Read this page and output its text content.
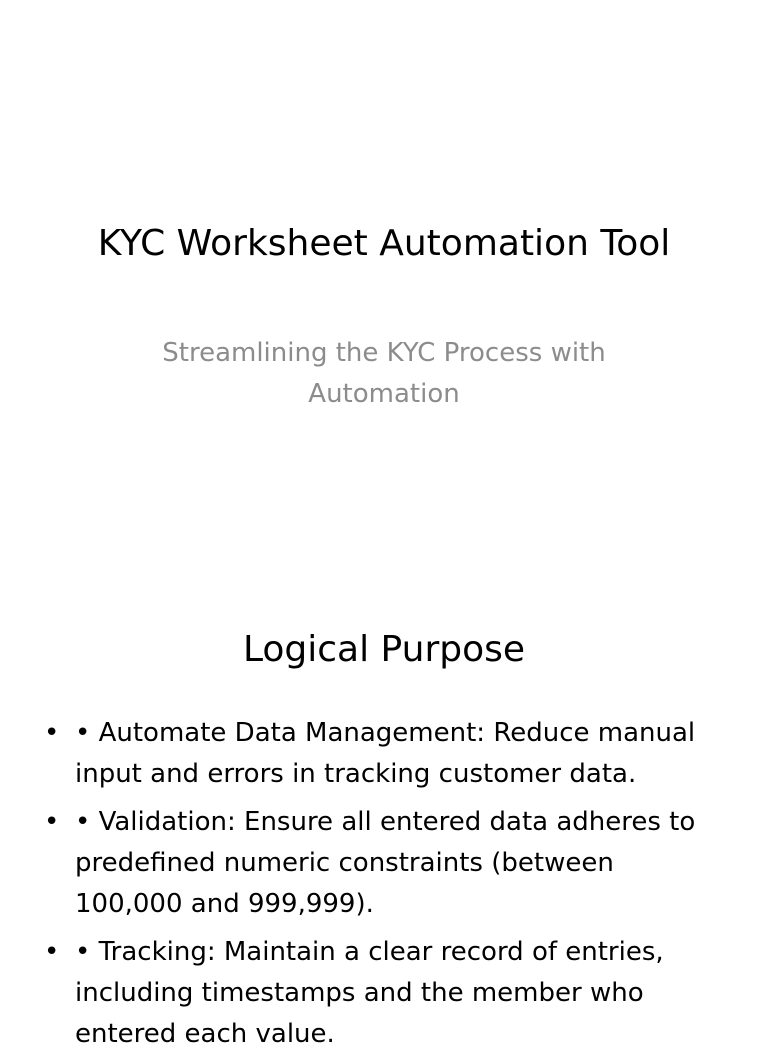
KYC Worksheet Automation Tool

Streamlining the KYC Process with Automation

Logical Purpose
• • Automate Data Management: Reduce manual input and errors in tracking customer data.
• • Validation: Ensure all entered data adheres to predefined numeric constraints (between 100,000 and 999,999).
• • Tracking: Maintain a clear record of entries, including timestamps and the member who entered each value.
